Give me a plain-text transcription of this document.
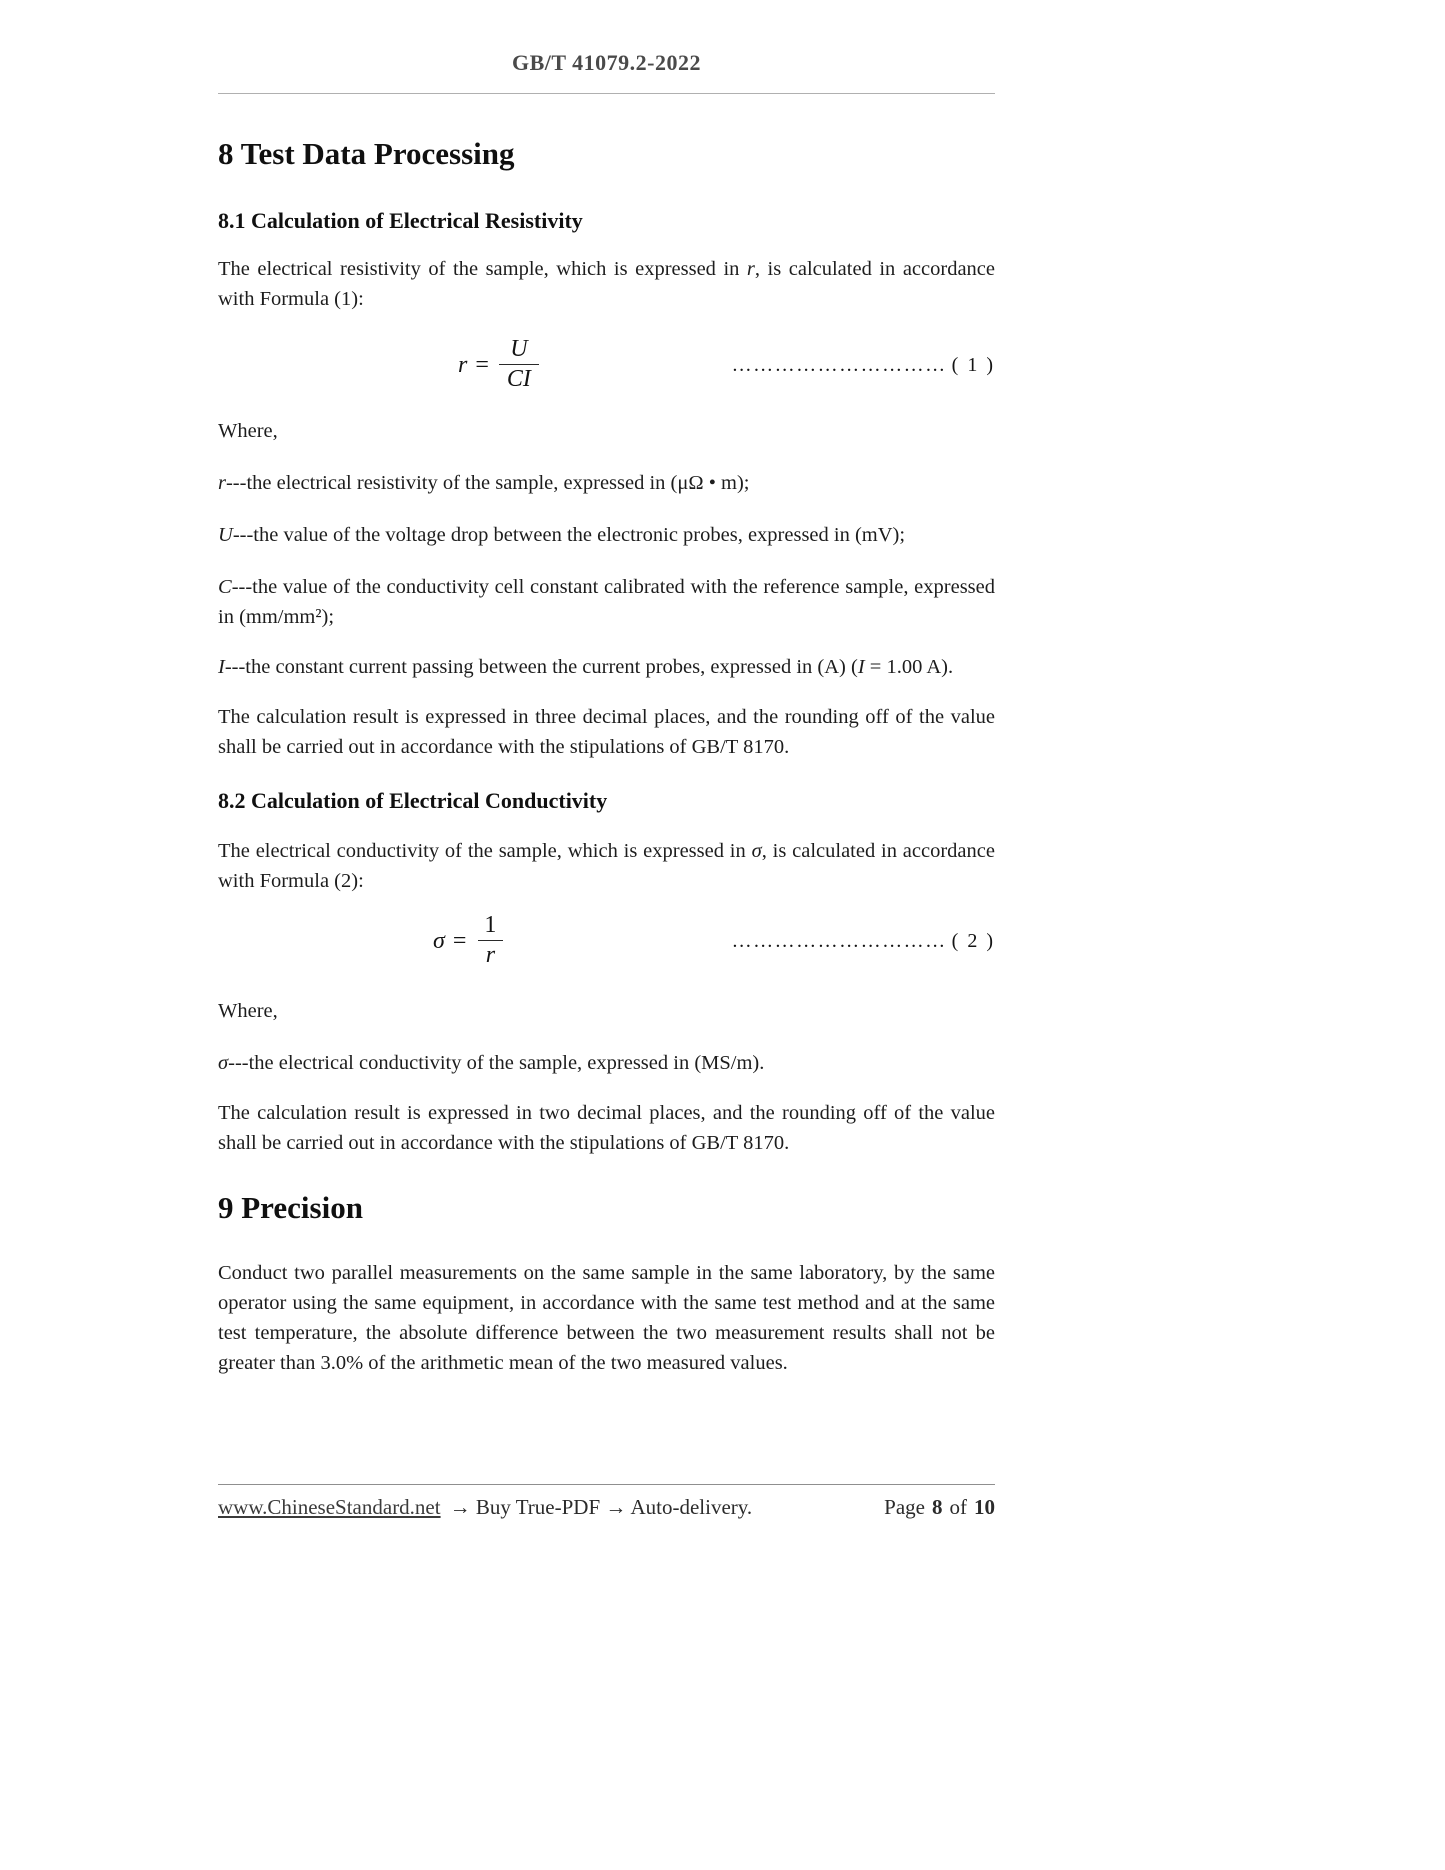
GB/T 41079.2-2022
8 Test Data Processing
8.1 Calculation of Electrical Resistivity

The electrical resistivity of the sample, which is expressed in r, is calculated in accordance with Formula (1):

$r = \frac{U}{CI}$	………………………… ( 1 )

Where,

r---the electrical resistivity of the sample, expressed in (μΩ • m);

U---the value of the voltage drop between the electronic probes, expressed in (mV);

C---the value of the conductivity cell constant calibrated with the reference sample, expressed in (mm/mm²);

I---the constant current passing between the current probes, expressed in (A) (I = 1.00 A).

The calculation result is expressed in three decimal places, and the rounding off of the value shall be carried out in accordance with the stipulations of GB/T 8170.

8.2 Calculation of Electrical Conductivity

The electrical conductivity of the sample, which is expressed in σ, is calculated in accordance with Formula (2):

$\sigma = \frac{1}{r}$	………………………… ( 2 )

Where,

σ---the electrical conductivity of the sample, expressed in (MS/m).

The calculation result is expressed in two decimal places, and the rounding off of the value shall be carried out in accordance with the stipulations of GB/T 8170.

9 Precision

Conduct two parallel measurements on the same sample in the same laboratory, by the same operator using the same equipment, in accordance with the same test method and at the same test temperature, the absolute difference between the two measurement results shall not be greater than 3.0% of the arithmetic mean of the two measured values.

www.ChineseStandard.net → Buy True-PDF → Auto-delivery.	Page 8 of 10
